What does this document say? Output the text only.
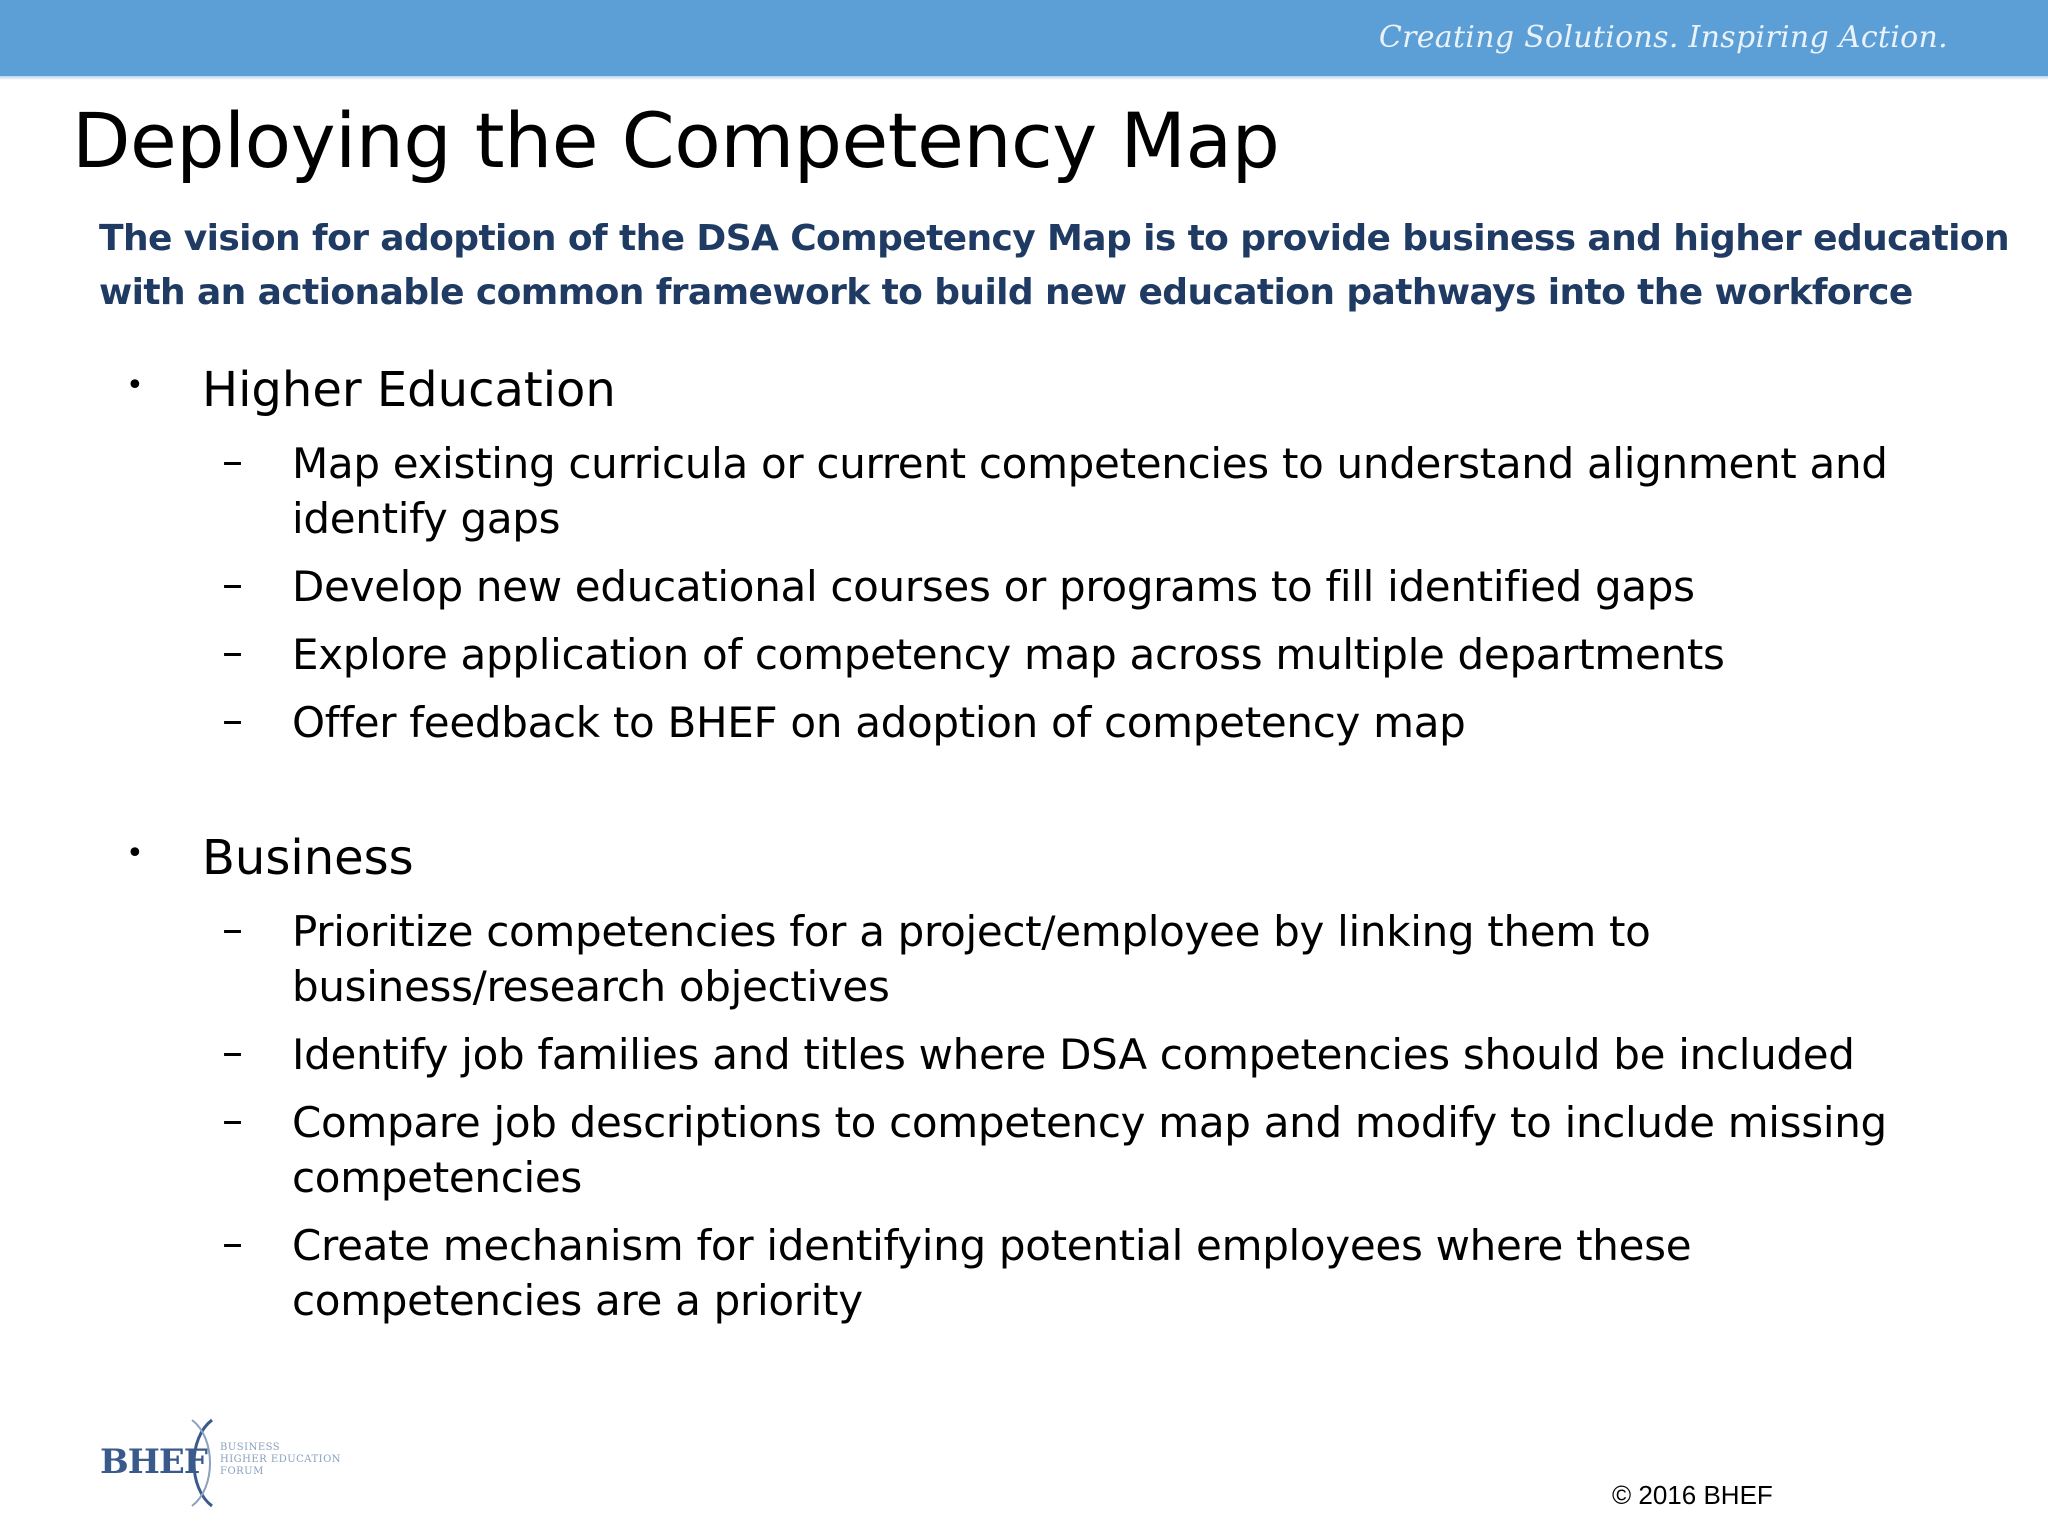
Creating Solutions. Inspiring Action.
Deploying the Competency Map
The vision for adoption of the DSA Competency Map is to provide business and higher education
with an actionable common framework to build new education pathways into the workforce
• Higher Education
– Map existing curricula or current competencies to understand alignment and
identify gaps
– Develop new educational courses or programs to fill identified gaps
– Explore application of competency map across multiple departments
– Offer feedback to BHEF on adoption of competency map
• Business
– Prioritize competencies for a project/employee by linking them to
business/research objectives
– Identify job families and titles where DSA competencies should be included
– Compare job descriptions to competency map and modify to include missing
competencies
– Create mechanism for identifying potential employees where these
competencies are a priority
BHEF BUSINESS
HIGHER EDUCATION
FORUM
© 2016 BHEF
